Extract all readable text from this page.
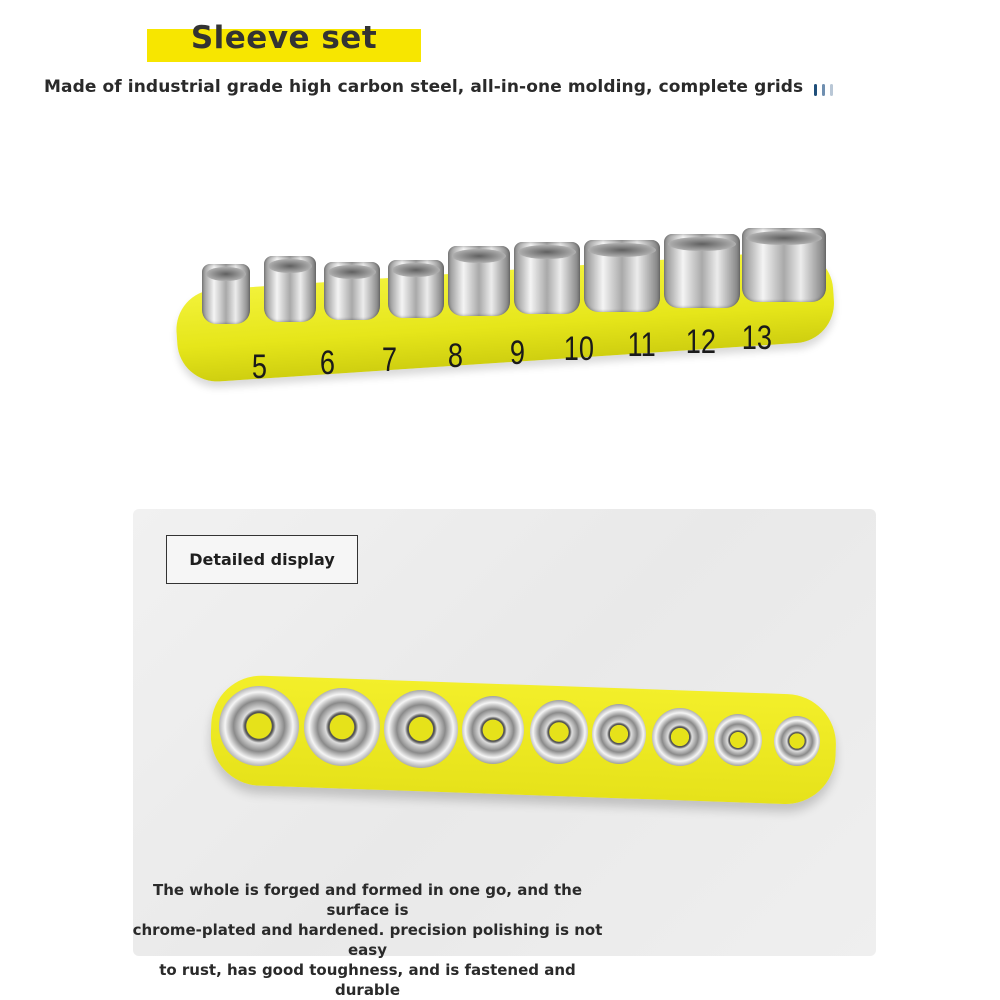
Sleeve set
Made of industrial grade high carbon steel, all-in-one molding, complete grids
5 6 7 8 9 10 11 12 13
Detailed display
The whole is forged and formed in one go, and the surface is
chrome-plated and hardened. precision polishing is not easy
to rust, has good toughness, and is fastened and durable
